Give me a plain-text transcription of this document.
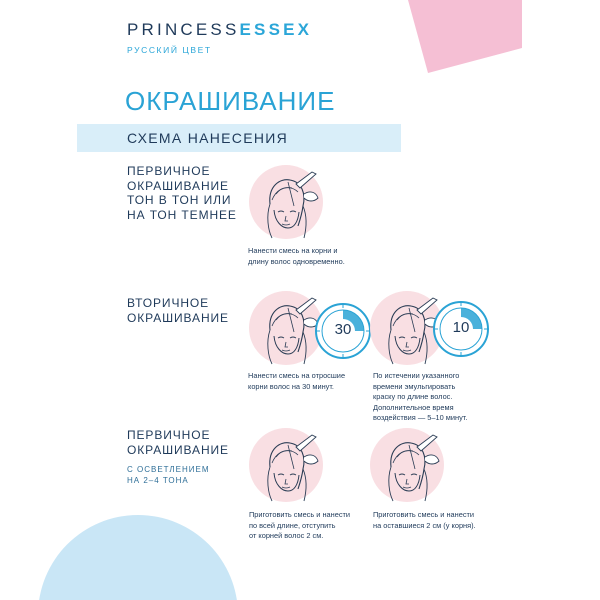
PRINCESSESSEX
РУССКИЙ ЦВЕТ
ОКРАШИВАНИЕ
СХЕМА НАНЕСЕНИЯ
ПЕРВИЧНОЕ
ОКРАШИВАНИЕ
ТОН В ТОН ИЛИ
НА ТОН ТЕМНЕЕ
Нанести смесь на корни и
длину волос одновременно.
ВТОРИЧНОЕ
ОКРАШИВАНИЕ
30
Нанести смесь на отросшие
корни волос на 30 минут.
10
По истечении указанного
времени эмульгировать
краску по длине волос.
Дополнительное время
воздействия — 5–10 минут.
ПЕРВИЧНОЕ
ОКРАШИВАНИЕ
С ОСВЕТЛЕНИЕМ
НА 2–4 ТОНА
Приготовить смесь и нанести
по всей длине, отступить
от корней волос 2 см.
Приготовить смесь и нанести
на оставшиеся 2 см (у корня).
